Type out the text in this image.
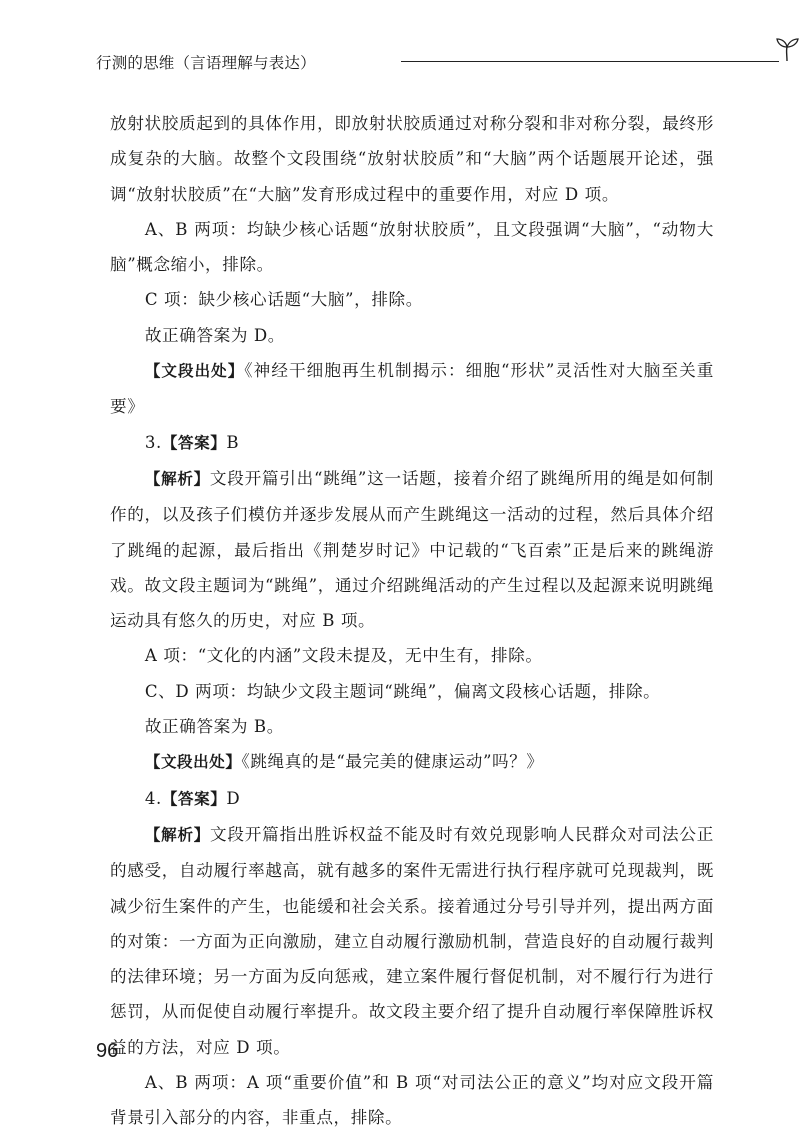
行测的思维（言语理解与表达）

放射状胶质起到的具体作用，即放射状胶质通过对称分裂和非对称分裂，最终形成复杂的大脑。故整个文段围绕“放射状胶质”和“大脑”两个话题展开论述，强调“放射状胶质”在“大脑”发育形成过程中的重要作用，对应 D 项。

A、B 两项：均缺少核心话题“放射状胶质”，且文段强调“大脑”，“动物大脑”概念缩小，排除。

C 项：缺少核心话题“大脑”，排除。

故正确答案为 D。

【文段出处】《神经干细胞再生机制揭示：细胞“形状”灵活性对大脑至关重要》

3.【答案】B

【解析】文段开篇引出“跳绳”这一话题，接着介绍了跳绳所用的绳是如何制作的，以及孩子们模仿并逐步发展从而产生跳绳这一活动的过程，然后具体介绍了跳绳的起源，最后指出《荆楚岁时记》中记载的“飞百索”正是后来的跳绳游戏。故文段主题词为“跳绳”，通过介绍跳绳活动的产生过程以及起源来说明跳绳运动具有悠久的历史，对应 B 项。

A 项：“文化的内涵”文段未提及，无中生有，排除。

C、D 两项：均缺少文段主题词“跳绳”，偏离文段核心话题，排除。

故正确答案为 B。

【文段出处】《跳绳真的是“最完美的健康运动”吗？》

4.【答案】D

【解析】文段开篇指出胜诉权益不能及时有效兑现影响人民群众对司法公正的感受，自动履行率越高，就有越多的案件无需进行执行程序就可兑现裁判，既减少衍生案件的产生，也能缓和社会关系。接着通过分号引导并列，提出两方面的对策：一方面为正向激励，建立自动履行激励机制，营造良好的自动履行裁判的法律环境；另一方面为反向惩戒，建立案件履行督促机制，对不履行行为进行惩罚，从而促使自动履行率提升。故文段主要介绍了提升自动履行率保障胜诉权益的方法，对应 D 项。

A、B 两项：A 项“重要价值”和 B 项“对司法公正的意义”均对应文段开篇背景引入部分的内容，非重点，排除。

96
